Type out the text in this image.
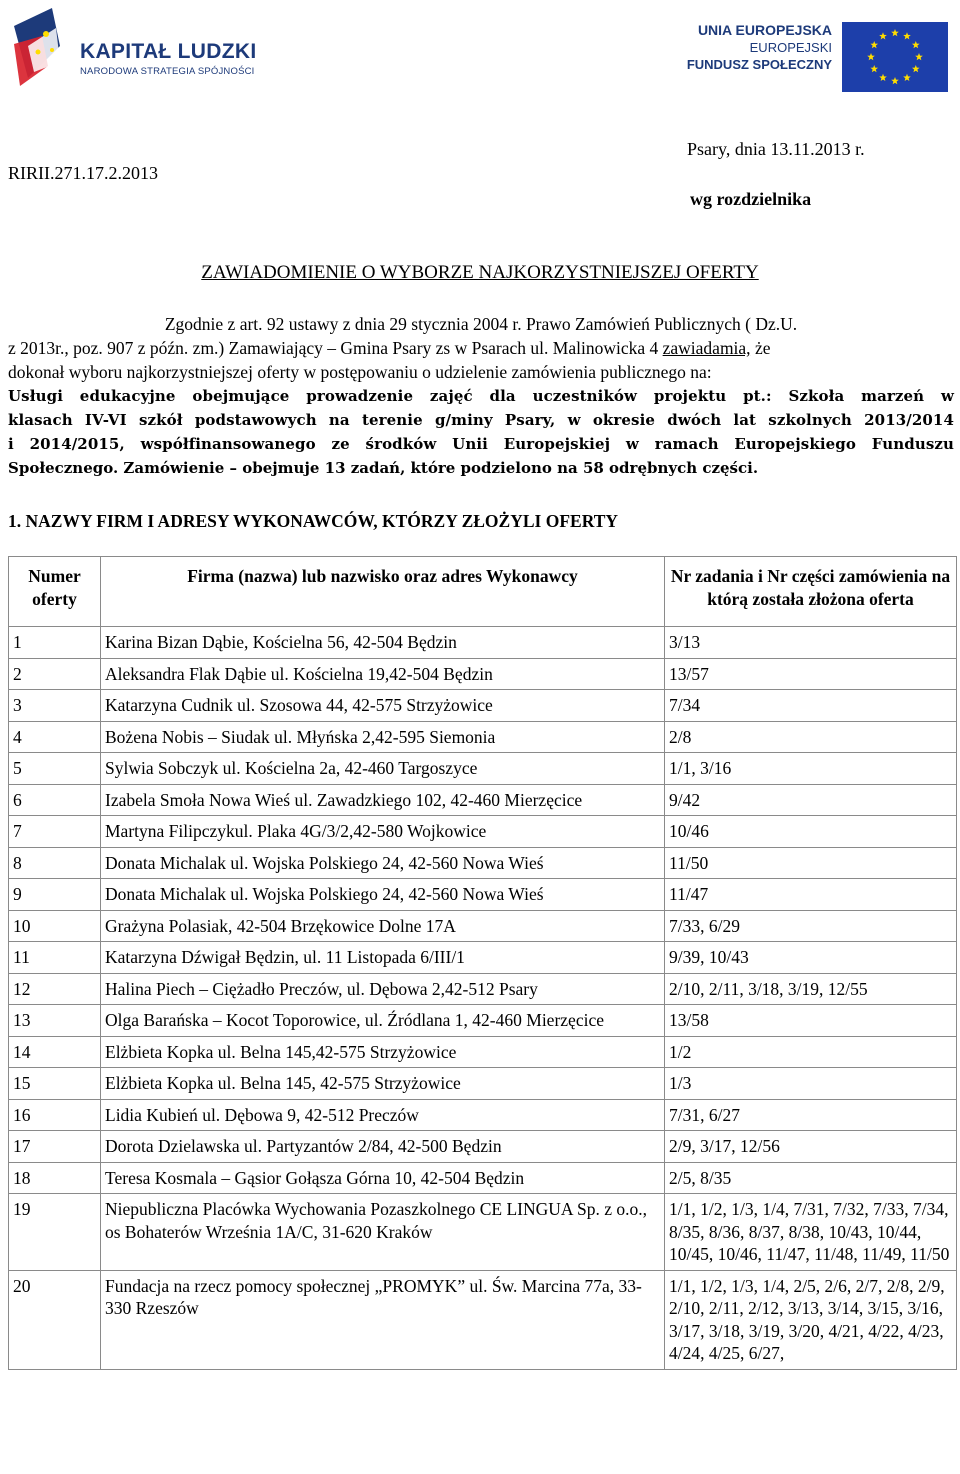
KAPITAŁ LUDZKI
NARODOWA STRATEGIA SPÓJNOŚCI
UNIA EUROPEJSKA
EUROPEJSKI
FUNDUSZ SPOŁECZNY
RIRII.271.17.2.2013
Psary, dnia 13.11.2013 r.
wg rozdzielnika
ZAWIADOMIENIE O WYBORZE NAJKORZYSTNIEJSZEJ OFERTY

Zgodnie z art. 92 ustawy z dnia 29 stycznia 2004 r. Prawo Zamówień Publicznych ( Dz.U.

z 2013r., poz. 907 z późn. zm.) Zamawiający – Gmina Psary zs w Psarach ul. Malinowicka 4 zawiadamia, że

dokonał wyboru najkorzystniejszej oferty w postępowaniu o udzielenie zamówienia publicznego na:

Usługi edukacyjne obejmujące prowadzenie zajęć dla uczestników projektu pt.: Szkoła marzeń w

klasach IV-VI szkół podstawowych na terenie g/miny Psary, w okresie dwóch lat szkolnych 2013/2014

i 2014/2015, współfinansowanego ze środków Unii Europejskiej w ramach Europejskiego Funduszu

Społecznego. Zamówienie – obejmuje 13 zadań, które podzielono na 58 odrębnych części.

1. NAZWY FIRM I ADRESY WYKONAWCÓW, KTÓRZY ZŁOŻYLI OFERTY
Numer oferty	Firma (nazwa) lub nazwisko oraz adres Wykonawcy	Nr zadania i Nr części zamówienia na którą została złożona oferta
1	Karina Bizan Dąbie, Kościelna 56, 42-504 Będzin	3/13
2	Aleksandra Flak Dąbie ul. Kościelna 19,42-504 Będzin	13/57
3	Katarzyna Cudnik ul. Szosowa 44, 42-575 Strzyżowice	7/34
4	Bożena Nobis – Siudak ul. Młyńska 2,42-595 Siemonia	2/8
5	Sylwia Sobczyk ul. Kościelna 2a, 42-460 Targoszyce	1/1, 3/16
6	Izabela Smoła Nowa Wieś ul. Zawadzkiego 102, 42-460 Mierzęcice	9/42
7	Martyna Filipczykul. Plaka 4G/3/2,42-580 Wojkowice	10/46
8	Donata Michalak ul. Wojska Polskiego 24, 42-560 Nowa Wieś	11/50
9	Donata Michalak ul. Wojska Polskiego 24, 42-560 Nowa Wieś	11/47
10	Grażyna Polasiak, 42-504 Brzękowice Dolne 17A	7/33, 6/29
11	Katarzyna Dźwigał Będzin, ul. 11 Listopada 6/III/1	9/39, 10/43
12	Halina Piech – Ciężadło Preczów, ul. Dębowa 2,42-512 Psary	2/10, 2/11, 3/18, 3/19, 12/55
13	Olga Barańska – Kocot Toporowice, ul. Źródlana 1, 42-460 Mierzęcice	13/58
14	Elżbieta Kopka ul. Belna 145,42-575 Strzyżowice	1/2
15	Elżbieta Kopka ul. Belna 145, 42-575 Strzyżowice	1/3
16	Lidia Kubień ul. Dębowa 9, 42-512 Preczów	7/31, 6/27
17	Dorota Dzielawska ul. Partyzantów 2/84, 42-500 Będzin	2/9, 3/17, 12/56
18	Teresa Kosmala – Gąsior Gołąsza Górna 10, 42-504 Będzin	2/5, 8/35
19	Niepubliczna Placówka Wychowania Pozaszkolnego CE LINGUA Sp. z o.o., os Bohaterów Września 1A/C, 31-620 Kraków	1/1, 1/2, 1/3, 1/4, 7/31, 7/32, 7/33, 7/34, 8/35, 8/36, 8/37, 8/38, 10/43, 10/44, 10/45, 10/46, 11/47, 11/48, 11/49, 11/50
20	Fundacja na rzecz pomocy społecznej „PROMYK” ul. Św. Marcina 77a, 33-330 Rzeszów	1/1, 1/2, 1/3, 1/4, 2/5, 2/6, 2/7, 2/8, 2/9, 2/10, 2/11, 2/12, 3/13, 3/14, 3/15, 3/16, 3/17, 3/18, 3/19, 3/20, 4/21, 4/22, 4/23, 4/24, 4/25, 6/27,
